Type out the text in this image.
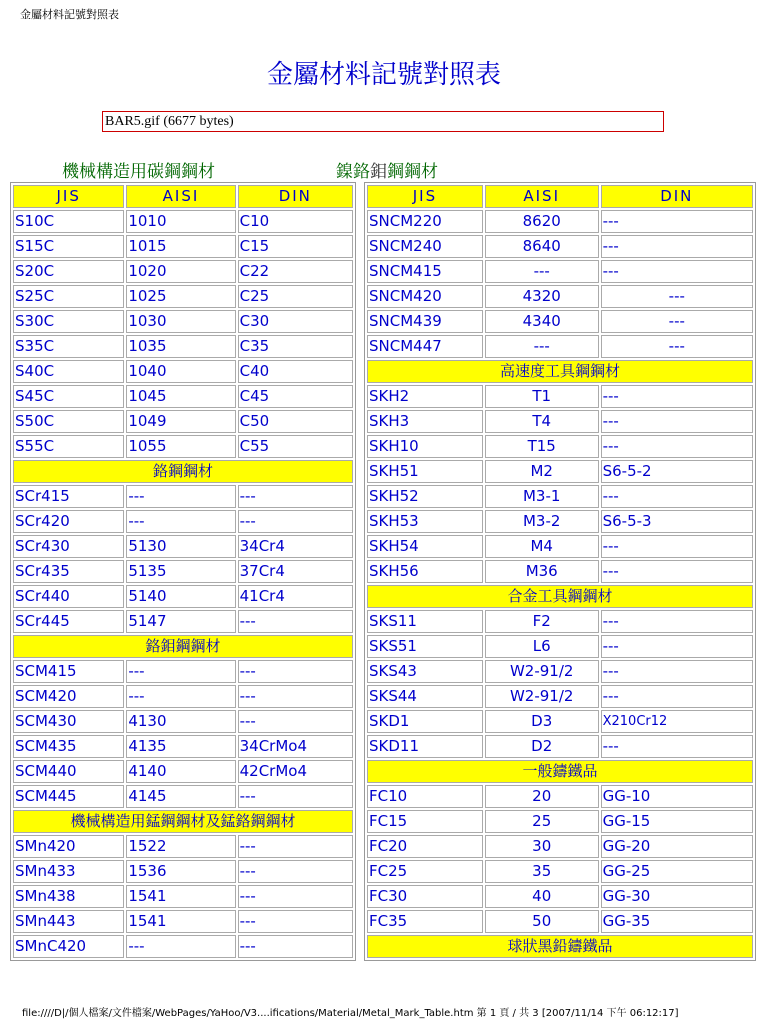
金屬材料記號對照表
金屬材料記號對照表
BAR5.gif (6677 bytes)
機械構造用碳鋼鋼材	鎳鉻鉬鋼鋼材
JIS	AISI	DIN
S10C	1010	C10
S15C	1015	C15
S20C	1020	C22
S25C	1025	C25
S30C	1030	C30
S35C	1035	C35
S40C	1040	C40
S45C	1045	C45
S50C	1049	C50
S55C	1055	C55
鉻鋼鋼材		
SCr415	---	---
SCr420	---	---
SCr430	5130	34Cr4
SCr435	5135	37Cr4
SCr440	5140	41Cr4
SCr445	5147	---
鉻鉬鋼鋼材		
SCM415	---	---
SCM420	---	---
SCM430	4130	---
SCM435	4135	34CrMo4
SCM440	4140	42CrMo4
SCM445	4145	---
機械構造用錳鋼鋼材及錳鉻鋼鋼材		
SMn420	1522	---
SMn433	1536	---
SMn438	1541	---
SMn443	1541	---
SMnC420	---	---
JIS	AISI	DIN
SNCM220	8620	---
SNCM240	8640	---
SNCM415	---	---
SNCM420	4320	---
SNCM439	4340	---
SNCM447	---	---
高速度工具鋼鋼材		
SKH2	T1	---
SKH3	T4	---
SKH10	T15	---
SKH51	M2	S6-5-2
SKH52	M3-1	---
SKH53	M3-2	S6-5-3
SKH54	M4	---
SKH56	M36	---
合金工具鋼鋼材		
SKS11	F2	---
SKS51	L6	---
SKS43	W2-91/2	---
SKS44	W2-91/2	---
SKD1	D3	X210Cr12
SKD11	D2	---
一般鑄鐵品		
FC10	20	GG-10
FC15	25	GG-15
FC20	30	GG-20
FC25	35	GG-25
FC30	40	GG-30
FC35	50	GG-35
球狀黑鉛鑄鐵品		
file:////D|/個人檔案/文件檔案/WebPages/YaHoo/V3....ifications/Material/Metal_Mark_Table.htm 第 1 頁 / 共 3 [2007/11/14 下午 06:12:17]
